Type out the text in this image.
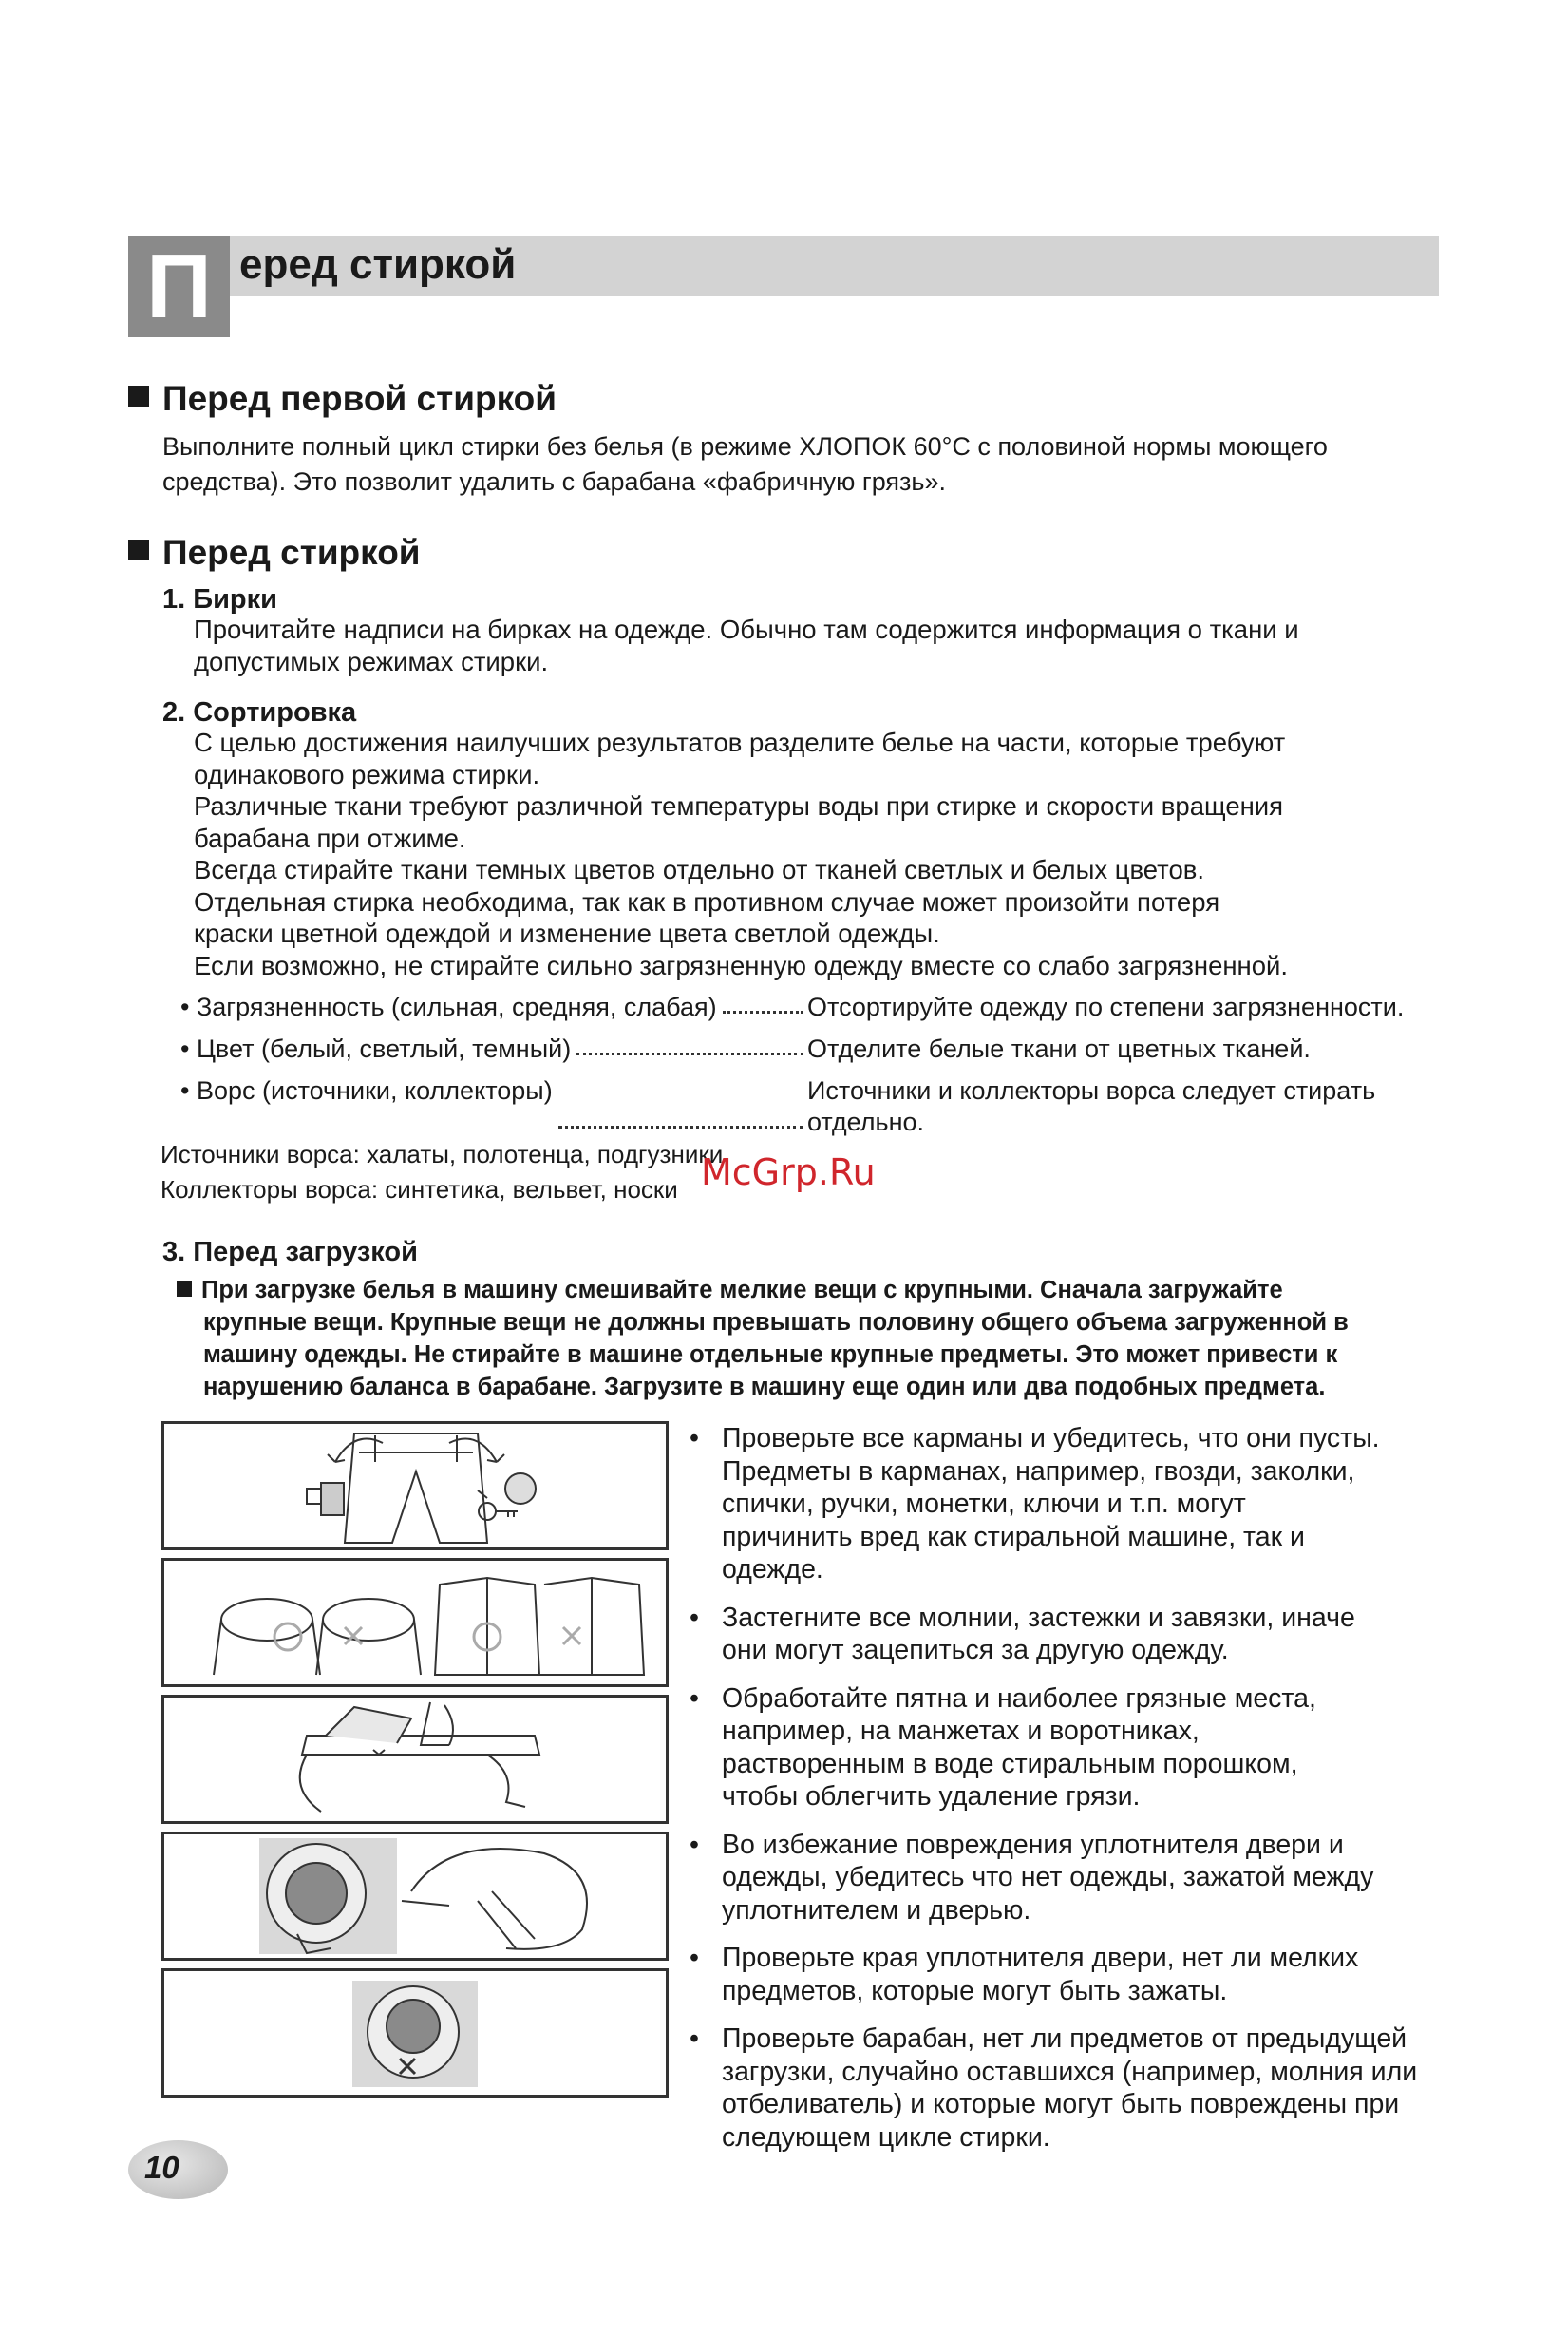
П еред стиркой
Перед первой стиркой
Выполните полный цикл стирки без белья (в режиме ХЛОПОК 60°С с половиной нормы моющего
средства). Это позволит удалить с барабана «фабричную грязь».
Перед стиркой
1. Бирки
Прочитайте надписи на бирках на одежде. Обычно там содержится информация о ткани и
допустимых режимах стирки.
2. Сортировка
С целью достижения наилучших результатов разделите белье на части, которые требуют
одинакового режима стирки.
Различные ткани требуют различной температуры воды при стирке и скорости вращения
барабана при отжиме.
Всегда стирайте ткани темных цветов отдельно от тканей светлых и белых цветов.
Отдельная стирка необходима, так как в противном случае может произойти потеря
краски цветной одеждой и изменение цвета светлой одежды.
Если возможно, не стирайте сильно загрязненную одежду вместе со слабо загрязненной.
• Загрязненность (сильная, средняя, слабая)	Отсортируйте одежду по степени загрязненности.
• Цвет (белый, светлый, темный)	Отделите белые ткани от цветных тканей.
• Ворс (источники, коллекторы)	Источники и коллекторы ворса следует стирать
отдельно.
Источники ворса: халаты, полотенца, подгузники
Коллекторы ворса: синтетика, вельвет, носки McGrp.Ru
3. Перед загрузкой
При загрузке белья в машину смешивайте мелкие вещи с крупными. Сначала загружайте
крупные вещи. Крупные вещи не должны превышать половину общего объема загруженной в
машину одежды. Не стирайте в машине отдельные крупные предметы. Это может привести к
нарушению баланса в барабане. Загрузите в машину еще один или два подобных предмета.
• Проверьте все карманы и убедитесь, что они пусты.
Предметы в карманах, например, гвозди, заколки,
спички, ручки, монетки, ключи и т.п. могут
причинить вред как стиральной машине, так и
одежде.
• Застегните все молнии, застежки и завязки, иначе
они могут зацепиться за другую одежду.
• Обработайте пятна и наиболее грязные места,
например, на манжетах и воротниках,
растворенным в воде стиральным порошком,
чтобы облегчить удаление грязи.
• Во избежание повреждения уплотнителя двери и
одежды, убедитесь что нет одежды, зажатой между
уплотнителем и дверью.
• Проверьте края уплотнителя двери, нет ли мелких
предметов, которые могут быть зажаты.
• Проверьте барабан, нет ли предметов от предыдущей
загрузки, случайно оставшихся (например, молния или
отбеливатель) и которые могут быть повреждены при
следующем цикле стирки.
10
